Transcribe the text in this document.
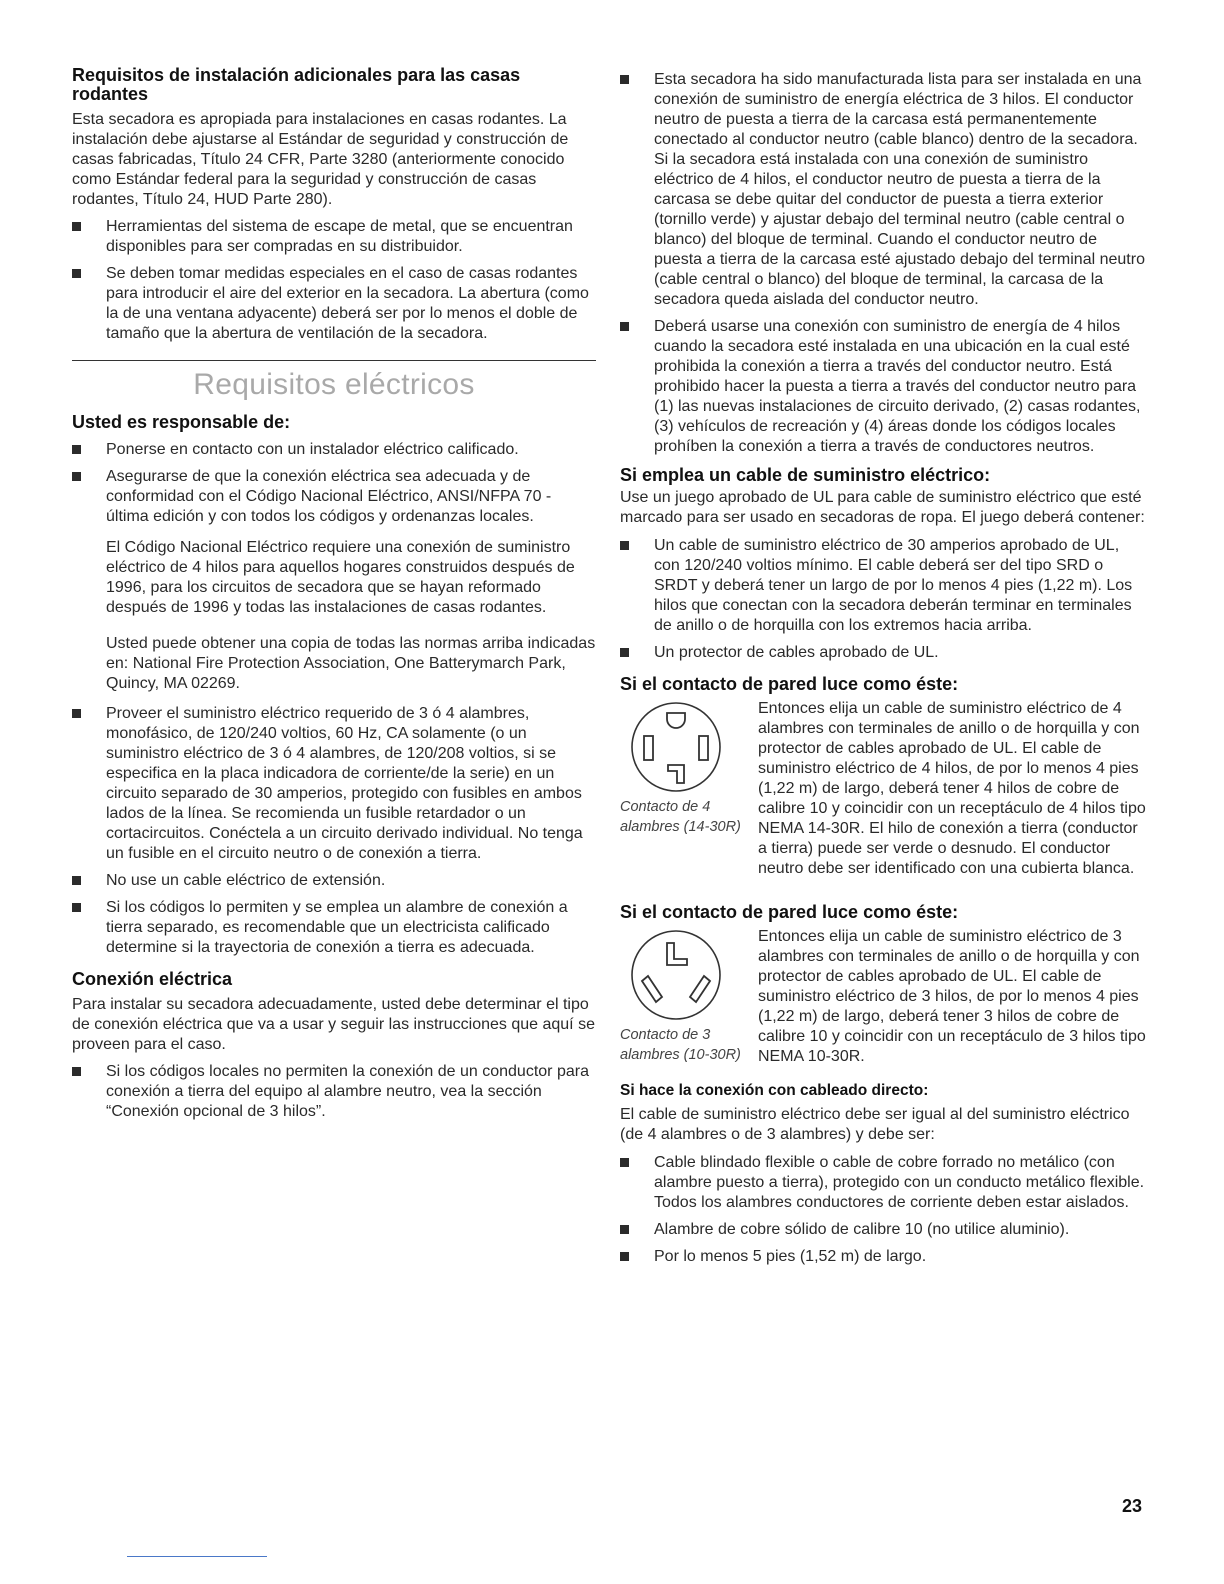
Requisitos de instalación adicionales para las casas rodantes

Esta secadora es apropiada para instalaciones en casas rodantes. La instalación debe ajustarse al Estándar de seguridad y construcción de casas fabricadas, Título 24 CFR, Parte 3280 (anteriormente conocido como Estándar federal para la seguridad y construcción de casas rodantes, Título 24, HUD Parte 280).

Herramientas del sistema de escape de metal, que se encuentran disponibles para ser compradas en su distribuidor.
Se deben tomar medidas especiales en el caso de casas rodantes para introducir el aire del exterior en la secadora. La abertura (como la de una ventana adyacente) deberá ser por lo menos el doble de tamaño que la abertura de ventilación de la secadora.
Requisitos eléctricos
Usted es responsable de:
Ponerse en contacto con un instalador eléctrico calificado.
Asegurarse de que la conexión eléctrica sea adecuada y de conformidad con el Código Nacional Eléctrico, ANSI/NFPA 70 - última edición y con todos los códigos y ordenanzas locales.

El Código Nacional Eléctrico requiere una conexión de suministro eléctrico de 4 hilos para aquellos hogares construidos después de 1996, para los circuitos de secadora que se hayan reformado después de 1996 y todas las instalaciones de casas rodantes.

Usted puede obtener una copia de todas las normas arriba indicadas en: National Fire Protection Association, One Batterymarch Park, Quincy, MA 02269.

Proveer el suministro eléctrico requerido de 3 ó 4 alambres, monofásico, de 120/240 voltios, 60 Hz, CA solamente (o un suministro eléctrico de 3 ó 4 alambres, de 120/208 voltios, si se especifica en la placa indicadora de corriente/de la serie) en un circuito separado de 30 amperios, protegido con fusibles en ambos lados de la línea. Se recomienda un fusible retardador o un cortacircuitos. Conéctela a un circuito derivado individual. No tenga un fusible en el circuito neutro o de conexión a tierra.
No use un cable eléctrico de extensión.
Si los códigos lo permiten y se emplea un alambre de conexión a tierra separado, es recomendable que un electricista calificado determine si la trayectoria de conexión a tierra es adecuada.
Conexión eléctrica

Para instalar su secadora adecuadamente, usted debe determinar el tipo de conexión eléctrica que va a usar y seguir las instrucciones que aquí se proveen para el caso.

Si los códigos locales no permiten la conexión de un conductor para conexión a tierra del equipo al alambre neutro, vea la sección “Conexión opcional de 3 hilos”.
Esta secadora ha sido manufacturada lista para ser instalada en una conexión de suministro de energía eléctrica de 3 hilos. El conductor neutro de puesta a tierra de la carcasa está permanentemente conectado al conductor neutro (cable blanco) dentro de la secadora. Si la secadora está instalada con una conexión de suministro eléctrico de 4 hilos, el conductor neutro de puesta a tierra de la carcasa se debe quitar del conductor de puesta a tierra exterior (tornillo verde) y ajustar debajo del terminal neutro (cable central o blanco) del bloque de terminal. Cuando el conductor neutro de puesta a tierra de la carcasa esté ajustado debajo del terminal neutro (cable central o blanco) del bloque de terminal, la carcasa de la secadora queda aislada del conductor neutro.
Deberá usarse una conexión con suministro de energía de 4 hilos cuando la secadora esté instalada en una ubicación en la cual esté prohibida la conexión a tierra a través del conductor neutro. Está prohibido hacer la puesta a tierra a través del conductor neutro para (1) las nuevas instalaciones de circuito derivado, (2) casas rodantes, (3) vehículos de recreación y (4) áreas donde los códigos locales prohíben la conexión a tierra a través de conductores neutros.
Si emplea un cable de suministro eléctrico:

Use un juego aprobado de UL para cable de suministro eléctrico que esté marcado para ser usado en secadoras de ropa. El juego deberá contener:

Un cable de suministro eléctrico de 30 amperios aprobado de UL, con 120/240 voltios mínimo. El cable deberá ser del tipo SRD o SRDT y deberá tener un largo de por lo menos 4 pies (1,22 m). Los hilos que conectan con la secadora deberán terminar en terminales de anillo o de horquilla con los extremos hacia arriba.
Un protector de cables aprobado de UL.
Si el contacto de pared luce como éste:
Contacto de 4
alambres (14-30R)

Entonces elija un cable de suministro eléctrico de 4 alambres con terminales de anillo o de horquilla y con protector de cables aprobado de UL. El cable de suministro eléctrico de 4 hilos, de por lo menos 4 pies (1,22 m) de largo, deberá tener 4 hilos de cobre de calibre 10 y coincidir con un receptáculo de 4 hilos tipo NEMA 14-30R. El hilo de conexión a tierra (conductor a tierra) puede ser verde o desnudo. El conductor neutro debe ser identificado con una cubierta blanca.

Si el contacto de pared luce como éste:
Contacto de 3
alambres (10-30R)

Entonces elija un cable de suministro eléctrico de 3 alambres con terminales de anillo o de horquilla y con protector de cables aprobado de UL. El cable de suministro eléctrico de 3 hilos, de por lo menos 4 pies (1,22 m) de largo, deberá tener 3 hilos de cobre de calibre 10 y coincidir con un receptáculo de 3 hilos tipo NEMA 10-30R.

Si hace la conexión con cableado directo:

El cable de suministro eléctrico debe ser igual al del suministro eléctrico (de 4 alambres o de 3 alambres) y debe ser:

Cable blindado flexible o cable de cobre forrado no metálico (con alambre puesto a tierra), protegido con un conducto metálico flexible. Todos los alambres conductores de corriente deben estar aislados.
Alambre de cobre sólido de calibre 10 (no utilice aluminio).
Por lo menos 5 pies (1,52 m) de largo.
23
